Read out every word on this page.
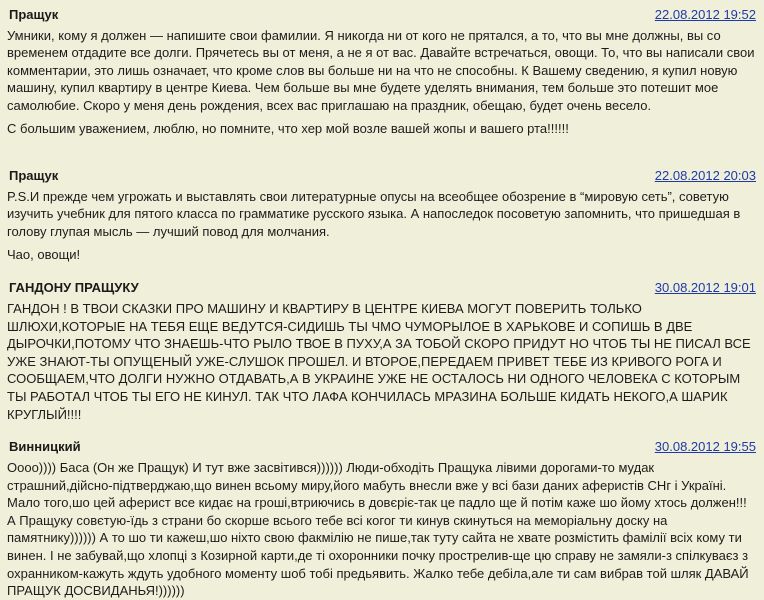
Пращук	22.08.2012 19:52

Умники, кому я должен — напишите свои фамилии. Я никогда ни от кого не прятался, а то, что вы мне должны, вы со временем отдадите все долги. Прячетесь вы от меня, а не я от вас. Давайте встречаться, овощи. То, что вы написали свои комментарии, это лишь означает, что кроме слов вы больше ни на что не способны. К Вашему сведению, я купил новую машину, купил квартиру в центре Киева. Чем больше вы мне будете уделять внимания, тем больше это потешит мое самолюбие. Скоро у меня день рождения, всех вас приглашаю на праздник, обещаю, будет очень весело.

С большим уважением, люблю, но помните, что хер мой возле вашей жопы и вашего рта!!!!!!

Пращук	22.08.2012 20:03

P.S.И прежде чем угрожать и выставлять свои литературные опусы на всеобщее обозрение в “мировую сеть”, советую изучить учебник для пятого класса по грамматике русского языка. А напоследок посоветую запомнить, что пришедшая в голову глупая мысль — лучший повод для молчания.

Чао, овощи!

ГАНДОНУ ПРАЩУКУ	30.08.2012 19:01

ГАНДОН ! В ТВОИ СКАЗКИ ПРО МАШИНУ И КВАРТИРУ В ЦЕНТРЕ КИЕВА МОГУТ ПОВЕРИТЬ ТОЛЬКО ШЛЮХИ,КОТОРЫЕ НА ТЕБЯ ЕЩЕ ВЕДУТСЯ-СИДИШЬ ТЫ ЧМО ЧУМОРЫЛОЕ В ХАРЬКОВЕ И СОПИШЬ В ДВЕ ДЫРОЧКИ,ПОТОМУ ЧТО ЗНАЕШЬ-ЧТО РЫЛО ТВОЕ В ПУХУ,А ЗА ТОБОЙ СКОРО ПРИДУТ НО ЧТОБ ТЫ НЕ ПИСАЛ ВСЕ УЖЕ ЗНАЮТ-ТЫ ОПУЩЕНЫЙ УЖЕ-СЛУШОК ПРОШЕЛ. И ВТОРОЕ,ПЕРЕДАЕМ ПРИВЕТ ТЕБЕ ИЗ КРИВОГО РОГА И СООБЩАЕМ,ЧТО ДОЛГИ НУЖНО ОТДАВАТЬ,А В УКРАИНЕ УЖЕ НЕ ОСТАЛОСЬ НИ ОДНОГО ЧЕЛОВЕКА С КОТОРЫМ ТЫ РАБОТАЛ ЧТОБ ТЫ ЕГО НЕ КИНУЛ. ТАК ЧТО ЛАФА КОНЧИЛАСЬ МРАЗИНА БОЛЬШЕ КИДАТЬ НЕКОГО,А ШАРИК КРУГЛЫЙ!!!!

Винницкий	30.08.2012 19:55

Оооо)))) Баса (Он же Пращук) И тут вже засвітився)))))) Люди-обходіть Пращука лівими дорогами-то мудак страшний,дійсно-підтверджаю,що винен всьому миру,його мабуть внесли вже у всі бази даних аферистів СНг і Україні. Мало того,шо цей аферист все кидає на гроші,втриючись в довєріє-так це падло ще й потім каже шо йому хтось должен!!! А Пращуку совєтую-їдь з страни бо скорше всього тебе всі когог ти кинув скинуться на меморіальну доску на памятнику)))))) А то шо ти кажеш,шо ніхто свою факмілію не пише,так туту сайта не хвате розмістить фамілії всіх кому ти винен. І не забувай,що хлопці з Козирной карти,де ті охоронники почку прострелив-ще цю справу не замяли-з спілкуваєз з охранником-кажуть ждуть удобного моменту шоб тобі предьявить. Жалко тебе дебіла,але ти сам вибрав той шляк ДАВАЙ ПРАЩУК ДОСВИДАНЬЯ!))))))
